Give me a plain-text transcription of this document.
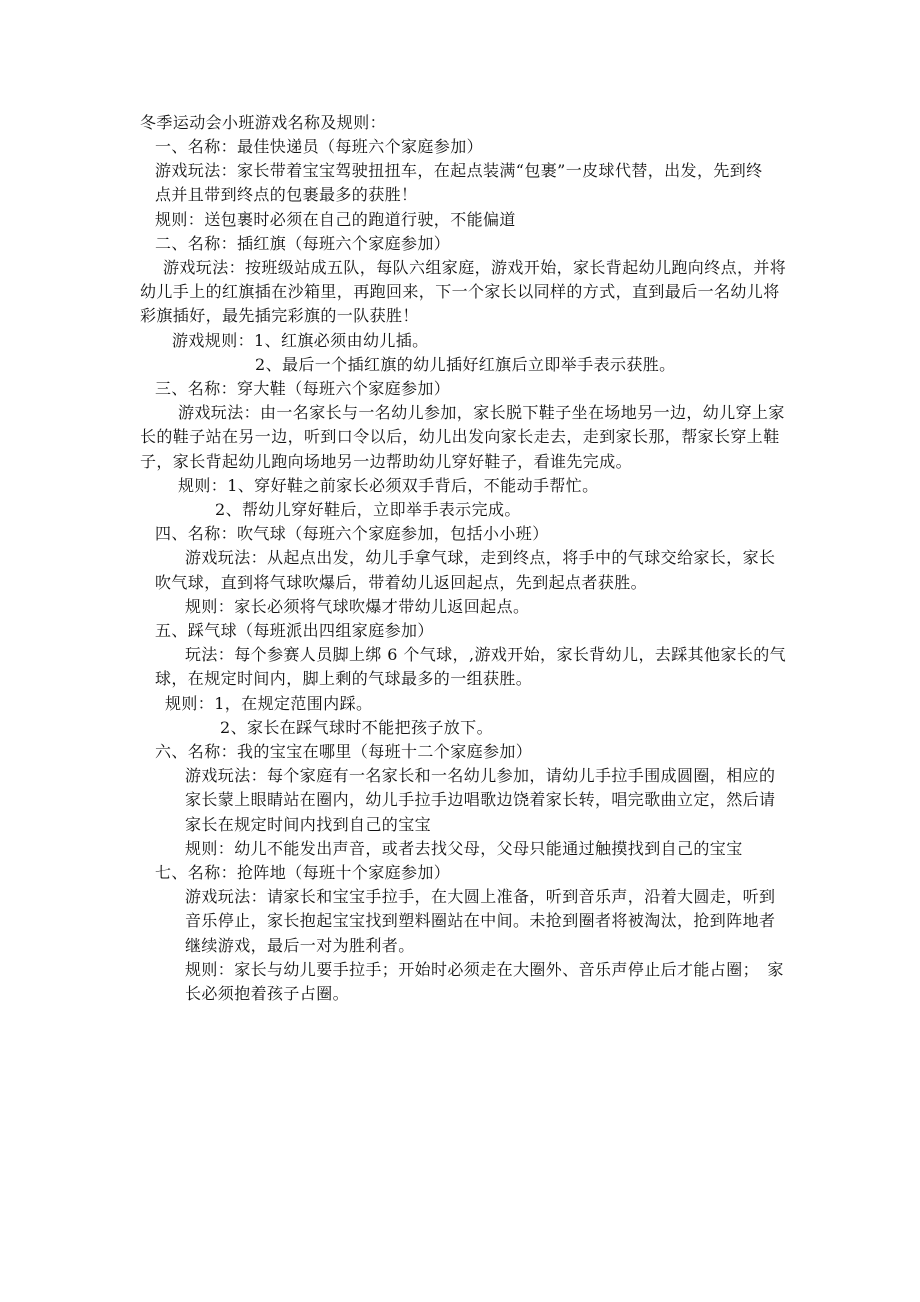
冬季运动会小班游戏名称及规则：
一、名称：最佳快递员（每班六个家庭参加）
游戏玩法：家长带着宝宝驾驶扭扭车，在起点装满“包裹”一皮球代替，出发，先到终
点并且带到终点的包裹最多的获胜！
规则：送包裹时必须在自己的跑道行驶，不能偏道
二、名称：插红旗（每班六个家庭参加）
游戏玩法：按班级站成五队，每队六组家庭，游戏开始，家长背起幼儿跑向终点，并将
幼儿手上的红旗插在沙箱里，再跑回来，下一个家长以同样的方式，直到最后一名幼儿将
彩旗插好，最先插完彩旗的一队获胜！
游戏规则：1、红旗必须由幼儿插。
2、最后一个插红旗的幼儿插好红旗后立即举手表示获胜。
三、名称：穿大鞋（每班六个家庭参加）
游戏玩法：由一名家长与一名幼儿参加，家长脱下鞋子坐在场地另一边，幼儿穿上家
长的鞋子站在另一边，听到口令以后，幼儿出发向家长走去，走到家长那，帮家长穿上鞋
子，家长背起幼儿跑向场地另一边帮助幼儿穿好鞋子，看谁先完成。
规则：1、穿好鞋之前家长必须双手背后，不能动手帮忙。
2、帮幼儿穿好鞋后，立即举手表示完成。
四、名称：吹气球（每班六个家庭参加，包括小小班）
游戏玩法：从起点出发，幼儿手拿气球，走到终点，将手中的气球交给家长，家长
吹气球，直到将气球吹爆后，带着幼儿返回起点，先到起点者获胜。
规则：家长必须将气球吹爆才带幼儿返回起点。
五、踩气球（每班派出四组家庭参加）
玩法：每个参赛人员脚上绑 6 个气球，,游戏开始，家长背幼儿，去踩其他家长的气
球，在规定时间内，脚上剩的气球最多的一组获胜。
规则：1，在规定范围内踩。
2、家长在踩气球时不能把孩子放下。
六、名称：我的宝宝在哪里（每班十二个家庭参加）
游戏玩法：每个家庭有一名家长和一名幼儿参加，请幼儿手拉手围成圆圈，相应的
家长蒙上眼睛站在圈内，幼儿手拉手边唱歌边饶着家长转，唱完歌曲立定，然后请
家长在规定时间内找到自己的宝宝
规则：幼儿不能发出声音，或者去找父母，父母只能通过触摸找到自己的宝宝
七、名称：抢阵地（每班十个家庭参加）
游戏玩法：请家长和宝宝手拉手，在大圆上准备，听到音乐声，沿着大圆走，听到
音乐停止，家长抱起宝宝找到塑料圈站在中间。未抢到圈者将被淘汰，抢到阵地者
继续游戏，最后一对为胜利者。
规则：家长与幼儿要手拉手；开始时必须走在大圈外、音乐声停止后才能占圈；　家
长必须抱着孩子占圈。
